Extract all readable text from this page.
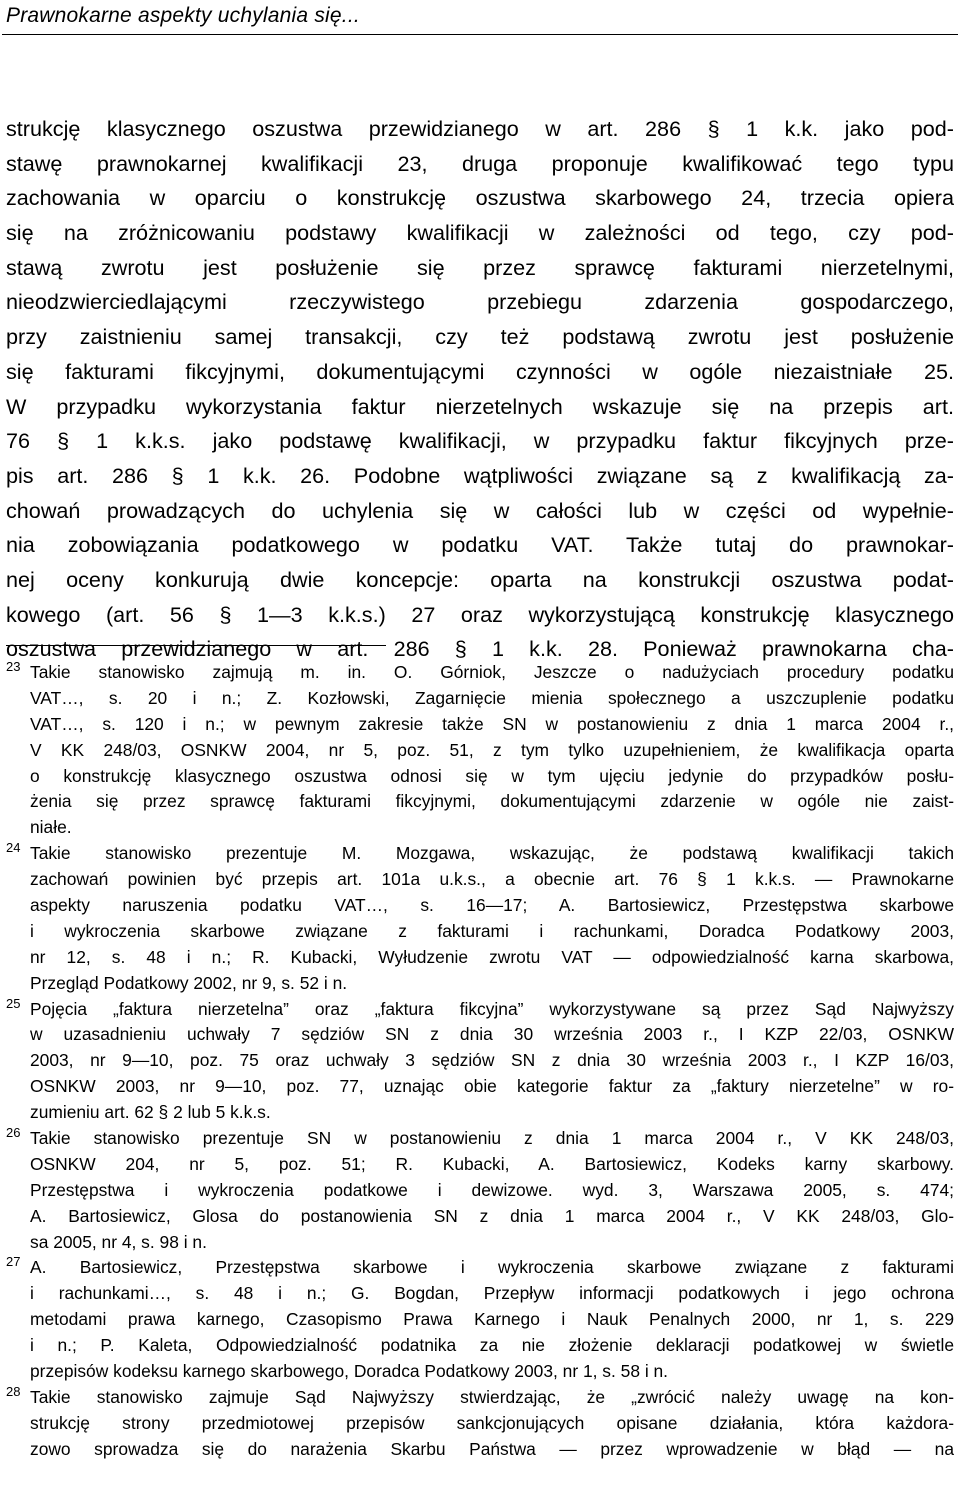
Prawnokarne aspekty uchylania się...
strukcję klasycznego oszustwa przewidzianego w art. 286 § 1 k.k. jako pod-
stawę prawnokarnej kwalifikacji 23, druga proponuje kwalifikować tego typu
zachowania w oparciu o konstrukcję oszustwa skarbowego 24, trzecia opiera
się na zróżnicowaniu podstawy kwalifikacji w zależności od tego, czy pod-
stawą zwrotu jest posłużenie się przez sprawcę fakturami nierzetelnymi,
nieodzwierciedlającymi rzeczywistego przebiegu zdarzenia gospodarczego,
przy zaistnieniu samej transakcji, czy też podstawą zwrotu jest posłużenie
się fakturami fikcyjnymi, dokumentującymi czynności w ogóle niezaistniałe 25.
W przypadku wykorzystania faktur nierzetelnych wskazuje się na przepis art.
76 § 1 k.k.s. jako podstawę kwalifikacji, w przypadku faktur fikcyjnych prze-
pis art. 286 § 1 k.k. 26. Podobne wątpliwości związane są z kwalifikacją za-
chowań prowadzących do uchylenia się w całości lub w części od wypełnie-
nia zobowiązania podatkowego w podatku VAT. Także tutaj do prawnokar-
nej oceny konkurują dwie koncepcje: oparta na konstrukcji oszustwa podat-
kowego (art. 56 § 1—3 k.k.s.) 27 oraz wykorzystującą konstrukcję klasycznego
oszustwa przewidzianego w art. 286 § 1 k.k. 28. Ponieważ prawnokarna cha-
23 Takie stanowisko zajmują m. in. O. Górniok, Jeszcze o nadużyciach procedury podatku
VAT…, s. 20 i n.; Z. Kozłowski, Zagarnięcie mienia społecznego a uszczuplenie podatku
VAT…, s. 120 i n.; w pewnym zakresie także SN w postanowieniu z dnia 1 marca 2004 r.,
V KK 248/03, OSNKW 2004, nr 5, poz. 51, z tym tylko uzupełnieniem, że kwalifikacja oparta
o konstrukcję klasycznego oszustwa odnosi się w tym ujęciu jedynie do przypadków posłu-
żenia się przez sprawcę fakturami fikcyjnymi, dokumentującymi zdarzenie w ogóle nie zaist-
niałe.
24 Takie stanowisko prezentuje M. Mozgawa, wskazując, że podstawą kwalifikacji takich
zachowań powinien być przepis art. 101a u.k.s., a obecnie art. 76 § 1 k.k.s. — Prawnokarne
aspekty naruszenia podatku VAT…, s. 16—17; A. Bartosiewicz, Przestępstwa skarbowe
i wykroczenia skarbowe związane z fakturami i rachunkami, Doradca Podatkowy 2003,
nr 12, s. 48 i n.; R. Kubacki, Wyłudzenie zwrotu VAT — odpowiedzialność karna skarbowa,
Przegląd Podatkowy 2002, nr 9, s. 52 i n.
25 Pojęcia „faktura nierzetelna” oraz „faktura fikcyjna” wykorzystywane są przez Sąd Najwyższy
w uzasadnieniu uchwały 7 sędziów SN z dnia 30 września 2003 r., I KZP 22/03, OSNKW
2003, nr 9—10, poz. 75 oraz uchwały 3 sędziów SN z dnia 30 września 2003 r., I KZP 16/03,
OSNKW 2003, nr 9—10, poz. 77, uznając obie kategorie faktur za „faktury nierzetelne” w ro-
zumieniu art. 62 § 2 lub 5 k.k.s.
26 Takie stanowisko prezentuje SN w postanowieniu z dnia 1 marca 2004 r., V KK 248/03,
OSNKW 204, nr 5, poz. 51; R. Kubacki, A. Bartosiewicz, Kodeks karny skarbowy.
Przestępstwa i wykroczenia podatkowe i dewizowe. wyd. 3, Warszawa 2005, s. 474;
A. Bartosiewicz, Glosa do postanowienia SN z dnia 1 marca 2004 r., V KK 248/03, Glo-
sa 2005, nr 4, s. 98 i n.
27 A. Bartosiewicz, Przestępstwa skarbowe i wykroczenia skarbowe związane z fakturami
i rachunkami…, s. 48 i n.; G. Bogdan, Przepływ informacji podatkowych i jego ochrona
metodami prawa karnego, Czasopismo Prawa Karnego i Nauk Penalnych 2000, nr 1, s. 229
i n.; P. Kaleta, Odpowiedzialność podatnika za nie złożenie deklaracji podatkowej w świetle
przepisów kodeksu karnego skarbowego, Doradca Podatkowy 2003, nr 1, s. 58 i n.
28 Takie stanowisko zajmuje Sąd Najwyższy stwierdzając, że „zwrócić należy uwagę na kon-
strukcję strony przedmiotowej przepisów sankcjonujących opisane działania, która każdora-
zowo sprowadza się do narażenia Skarbu Państwa — przez wprowadzenie w błąd — na
